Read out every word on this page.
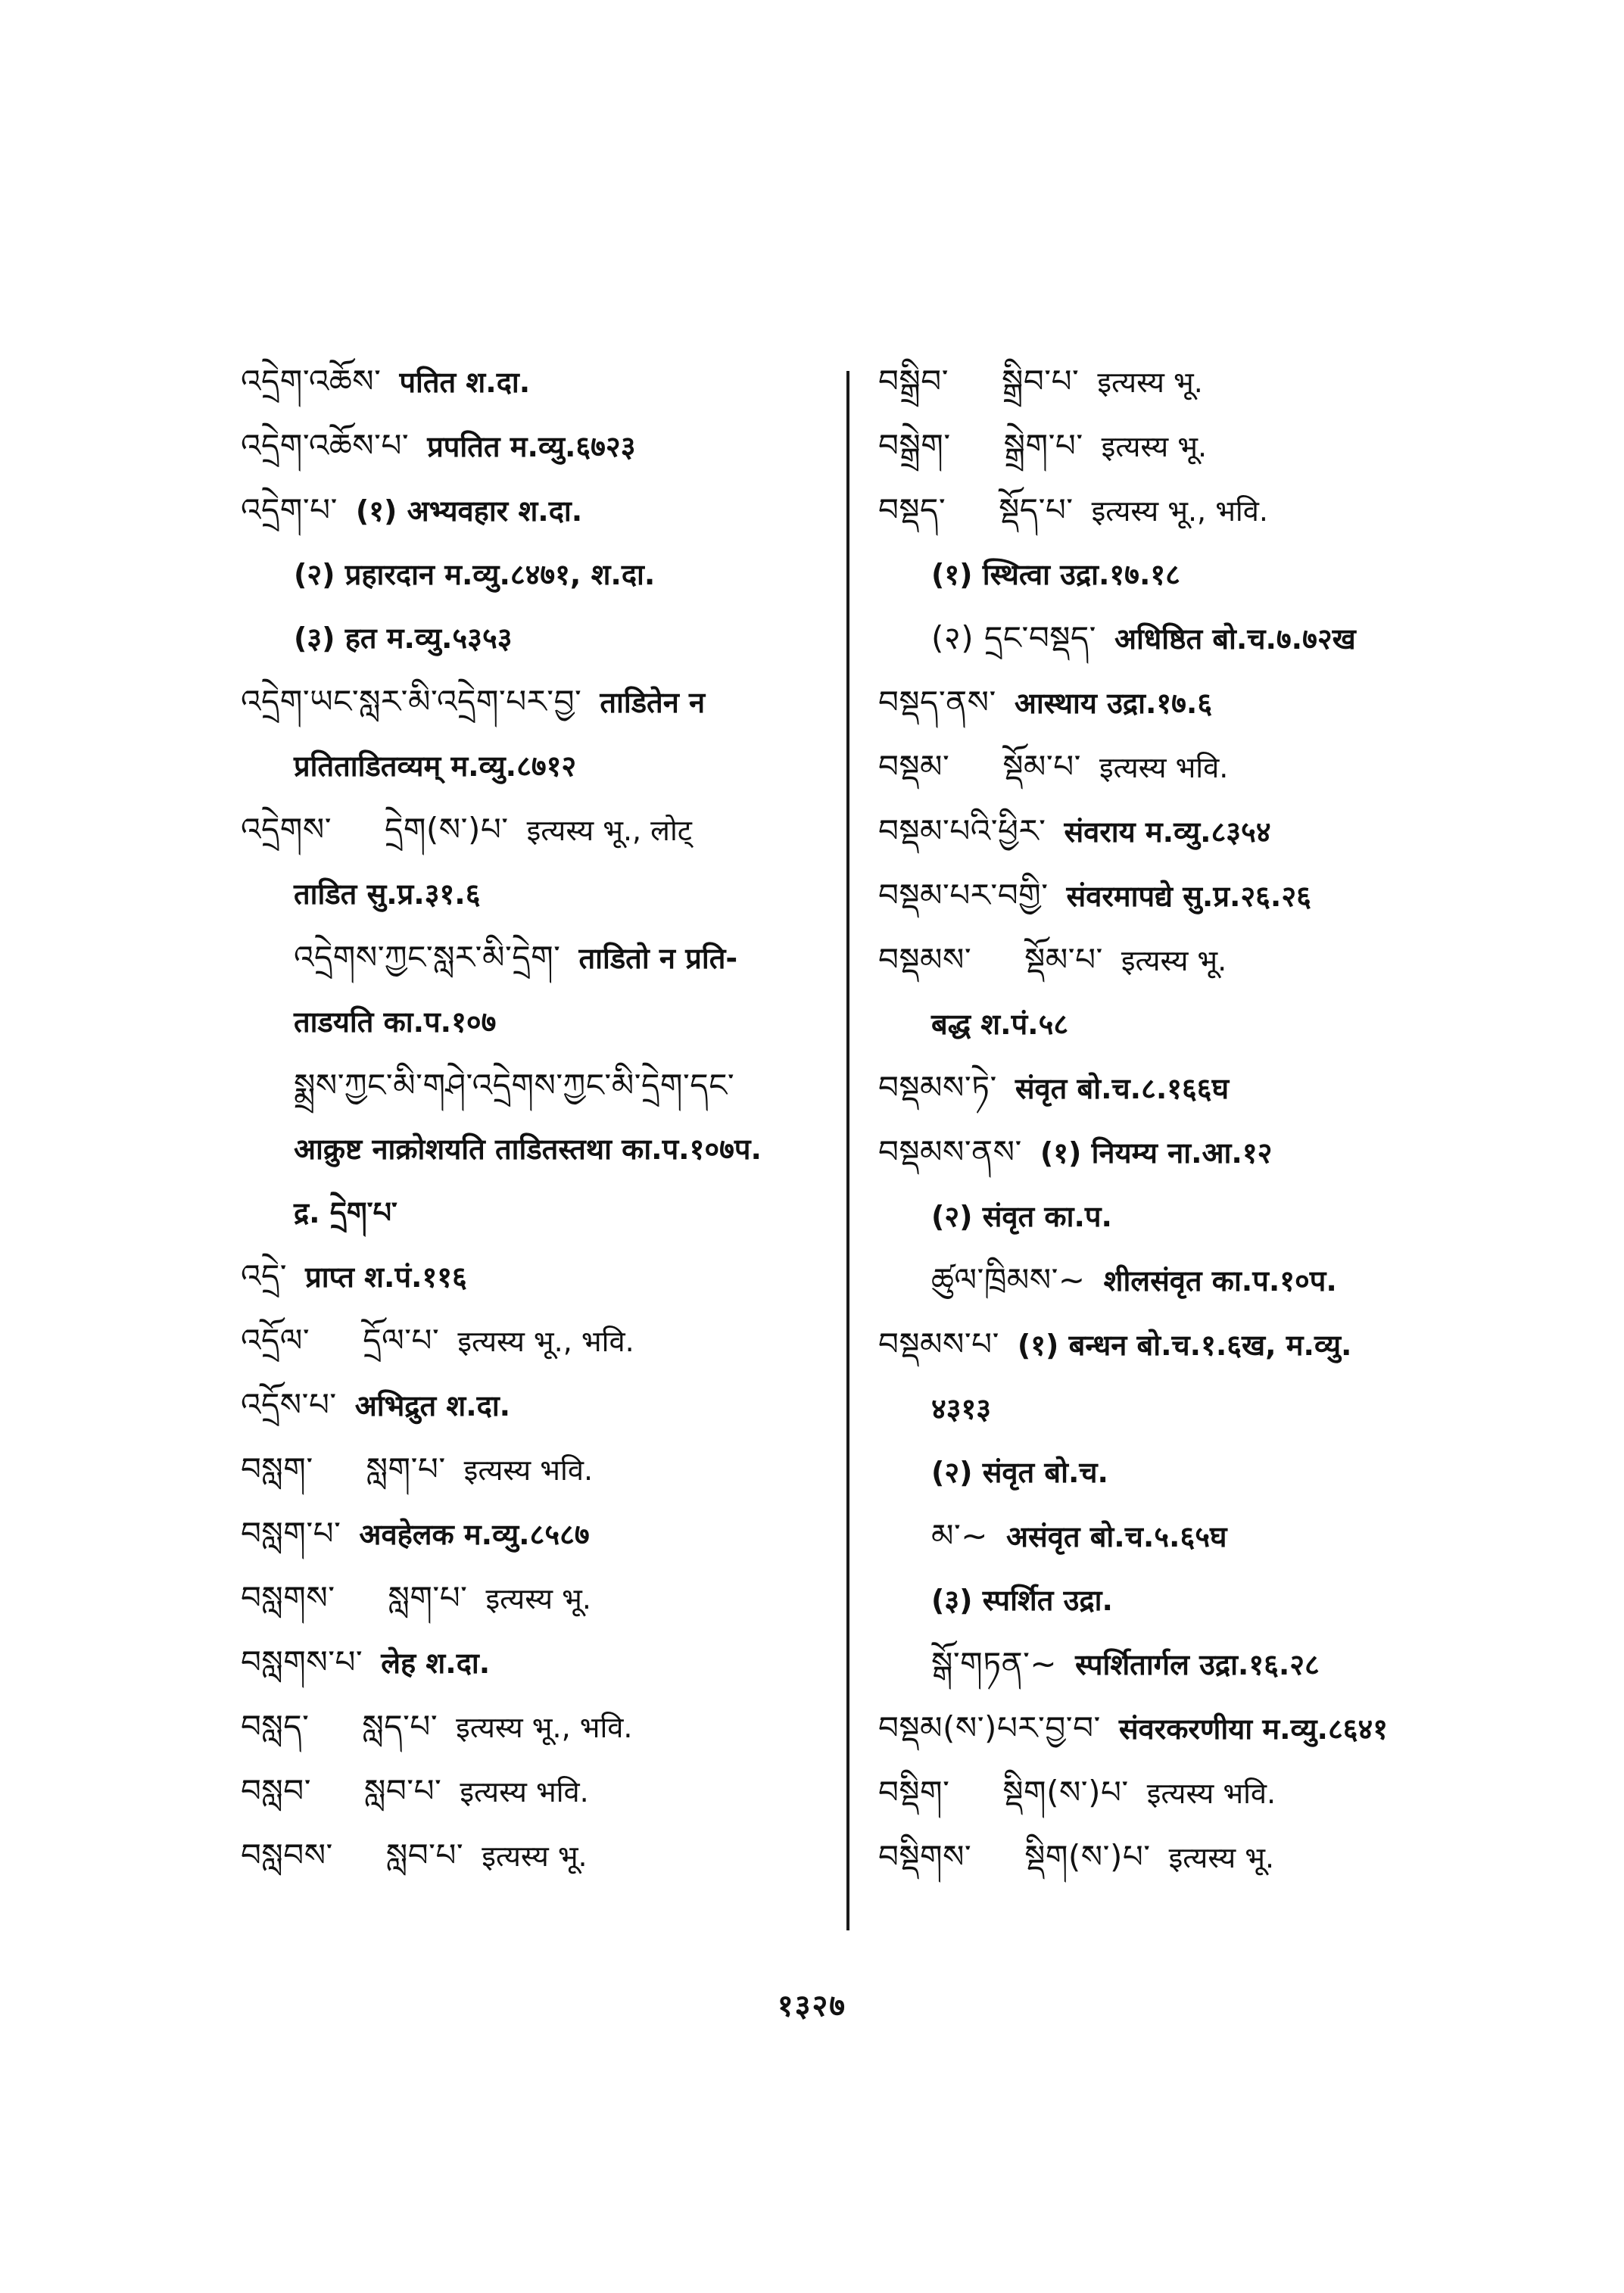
འདྲེག་འཆོས་ पतित श.दा.
འདྲེག་འཆོས་པ་ प्रपतित म.व्यु.६७२३
འདྲེག་པ་ (१) अभ्यवहार श.दा.
(२) प्रहारदान म.व्यु.८४७१, श.दा.
(३) हत म.व्यु.५३५३
འདྲེག་ཡང་སླར་མི་འདྲེག་པར་བྱ་ ताडितेन न
प्रतिताडितव्यम् म.व्यु.८७१२
འདྲེགས་ དྲེག(ས་)པ་ इत्यस्य भू., लोट्
ताडित सु.प्र.३१.६
འདྲེགས་ཀྱང་སླར་མི་དྲེག་ ताडितो न प्रति-
ताडयति का.प.१०७
སྨྲས་ཀྱང་མི་གཤེ་འདྲེགས་ཀྱང་མི་དྲེག་དང་
आक्रुष्ट नाक्रोशयति ताडितस्तथा का.प.१०७प.
द्र. དྲེག་པ་
འདྲེ་ प्राप्त श.पं.११६
འདྲོལ་ དྲོལ་པ་ इत्यस्य भू., भवि.
འདྲོས་པ་ अभिद्रुत श.दा.
བསླག་ སླག་པ་ इत्यस्य भवि.
བསླག་པ་ अवहेलक म.व्यु.८५८७
བསླགས་ སླག་པ་ इत्यस्य भू.
བསླགས་པ་ लेह श.दा.
བསླད་ སླད་པ་ इत्यस्य भू., भवि.
བསླབ་ སླབ་པ་ इत्यस्य भवि.
བསླབས་ སླབ་པ་ इत्यस्य भू.
བསྒྲིབ་ སྒྲིབ་པ་ इत्यस्य भू.
བསྒྲེག་ སྒྲེག་པ་ इत्यस्य भू.
བསྡད་ སྡོད་པ་ इत्यस्य भू., भवि.
(१) स्थित्वा उद्रा.१७.१८
(२) དྲང་བསྡད་ अधिष्ठित बो.च.७.७२ख
བསྡད་ནས་ आस्थाय उद्रा.१७.६
བསྡམ་ སྡོམ་པ་ इत्यस्य भवि.
བསྡམ་པའི་ཕྱིར་ संवराय म.व्यु.८३५४
བསྡམ་པར་བགྱི་ संवरमापद्ये सु.प्र.२६.२६
བསྡམས་ སྡོམ་པ་ इत्यस्य भू.
बद्ध श.पं.५८
བསྡམས་ཏེ་ संवृत बो.च.८.१६६घ
བསྡམས་ནས་ (१) नियम्य ना.आ.१२
(२) संवृत का.प.
ཚུལ་ཁྲིམས་~ शीलसंवृत का.प.१०प.
བསྡམས་པ་ (१) बन्धन बो.च.१.६ख, म.व्यु.
४३१३
(२) संवृत बो.च.
མ་~ असंवृत बो.च.५.६५घ
(३) स्पर्शित उद्रा.
སྒོ་གཏན་~ स्पर्शितार्गल उद्रा.१६.२८
བསྡམ(ས་)པར་བྱ་བ་ संवरकरणीया म.व्यु.८६४१
བསྡིག་ སྡིག(ས་)པ་ इत्यस्य भवि.
བསྡིགས་ སྡིག(ས་)པ་ इत्यस्य भू.
१३२७
